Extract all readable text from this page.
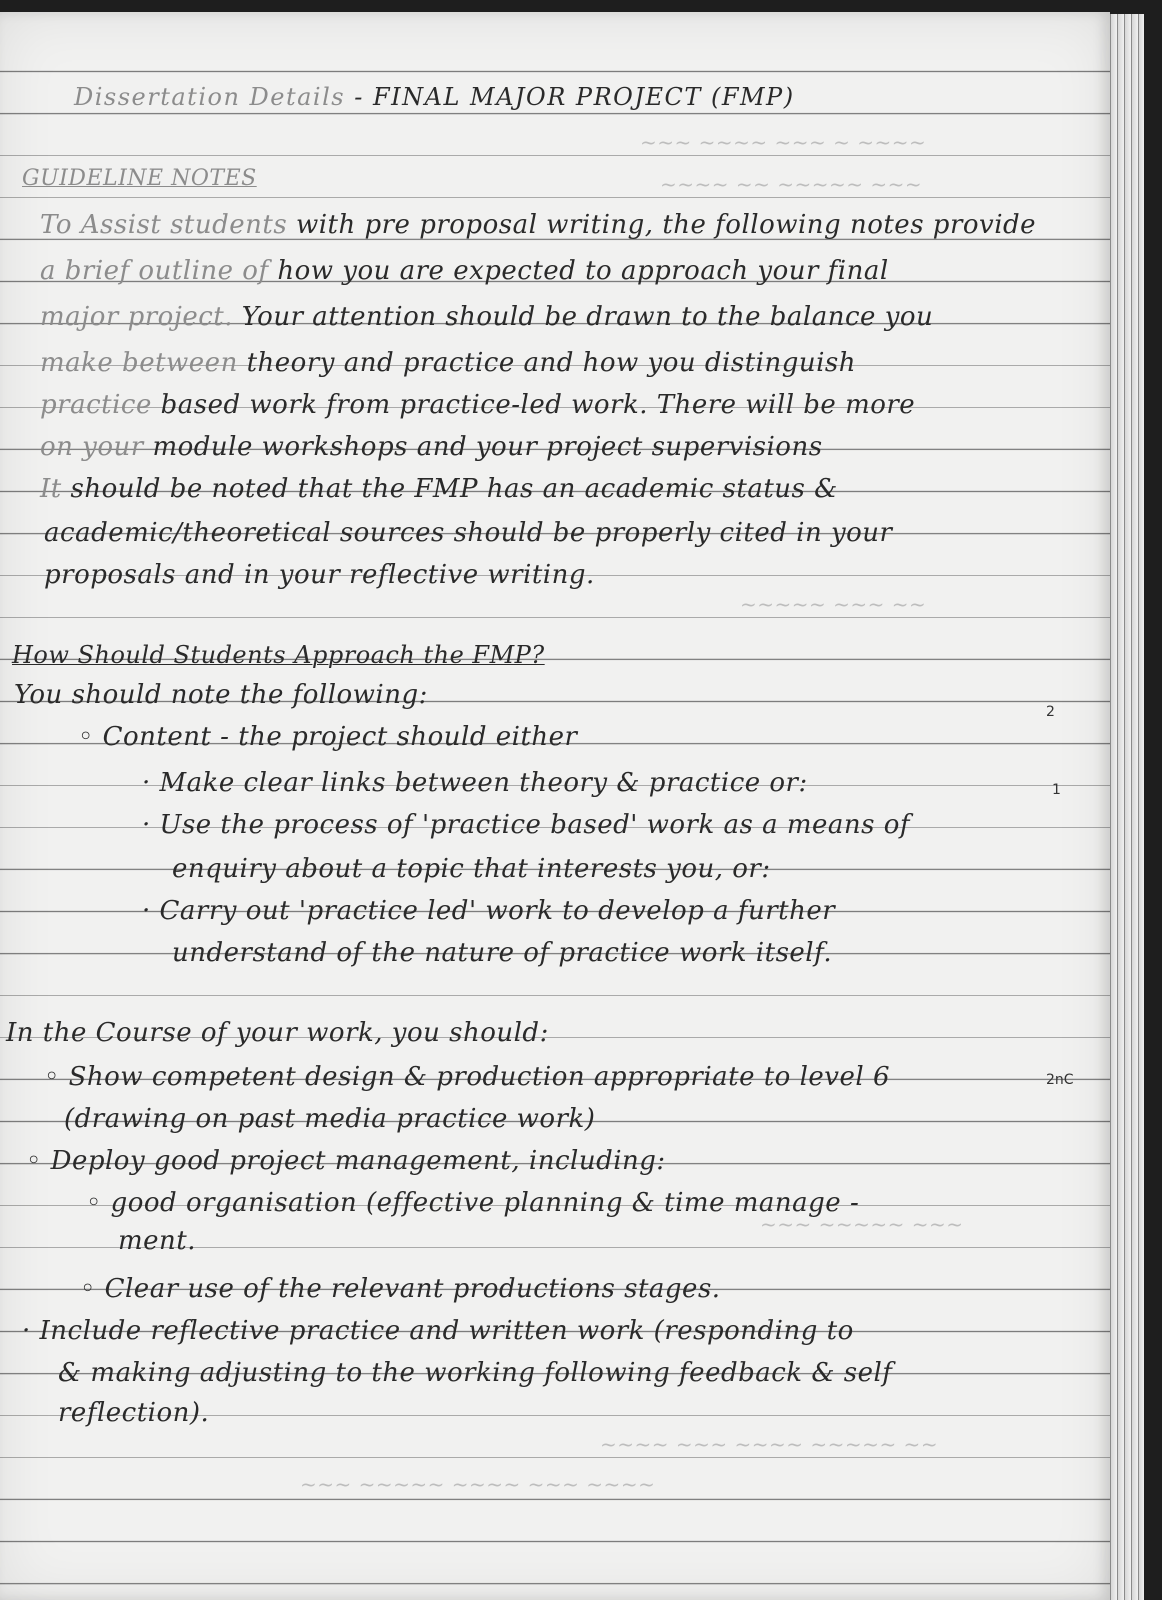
~~~ ~~~~ ~~~ ~ ~~~~
~~~~ ~~ ~~~~~ ~~~
~~~~~ ~~~ ~~
~~~ ~~~~~ ~~~
~~~~ ~~~ ~~~~ ~~~~~ ~~
~~~ ~~~~~ ~~~~ ~~~ ~~~~
Dissertation Details - FINAL MAJOR PROJECT (FMP)
GUIDELINE NOTES
To Assist students with pre proposal writing, the following notes provide
a brief outline of how you are expected to approach your final
major project. Your attention should be drawn to the balance you
make between theory and practice and how you distinguish
practice based work from practice-led work. There will be more
on your module workshops and your project supervisions
It should be noted that the FMP has an academic status &
academic/theoretical sources should be properly cited in your
proposals and in your reflective writing.
How Should Students Approach the FMP?
You should note the following:
◦ Content - the project should either
· Make clear links between theory & practice or:
· Use the process of 'practice based' work as a means of
enquiry about a topic that interests you, or:
· Carry out 'practice led' work to develop a further
understand of the nature of practice work itself.
In the Course of your work, you should:
◦ Show competent design & production appropriate to level 6
(drawing on past media practice work)
◦ Deploy good project management, including:
◦ good organisation (effective planning & time manage -
ment.
◦ Clear use of the relevant productions stages.
· Include reflective practice and written work (responding to
& making adjusting to the working following feedback & self
reflection).
2
1
2nC
